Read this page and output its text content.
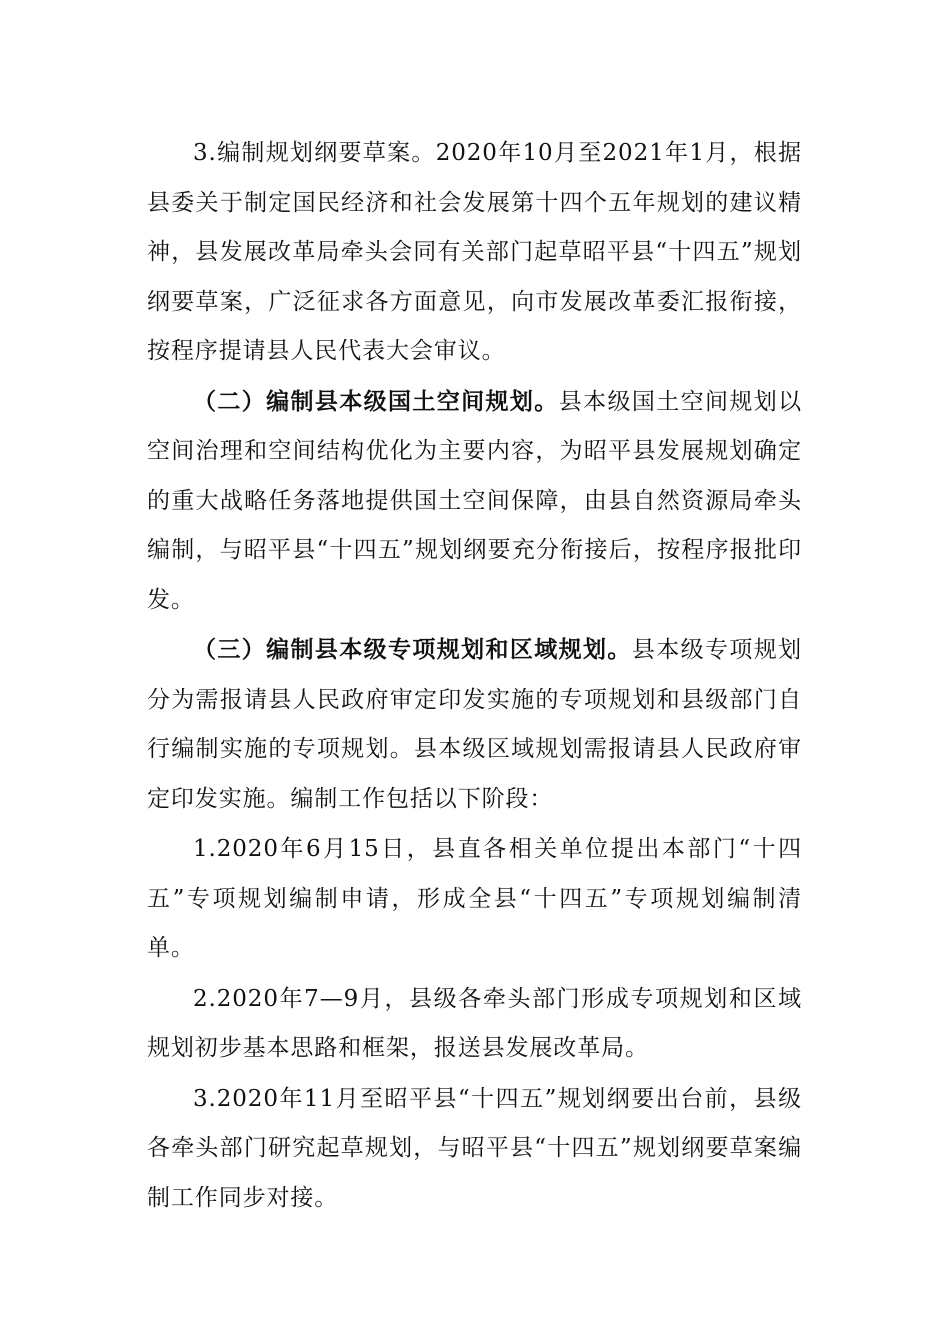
3.编制规划纲要草案。2020年10月至2021年1月，根据县委关于制定国民经济和社会发展第十四个五年规划的建议精神，县发展改革局牵头会同有关部门起草昭平县“十四五”规划纲要草案，广泛征求各方面意见，向市发展改革委汇报衔接，按程序提请县人民代表大会审议。

（二）编制县本级国土空间规划。县本级国土空间规划以空间治理和空间结构优化为主要内容，为昭平县发展规划确定的重大战略任务落地提供国土空间保障，由县自然资源局牵头编制，与昭平县“十四五”规划纲要充分衔接后，按程序报批印发。

（三）编制县本级专项规划和区域规划。县本级专项规划分为需报请县人民政府审定印发实施的专项规划和县级部门自行编制实施的专项规划。县本级区域规划需报请县人民政府审定印发实施。编制工作包括以下阶段：

1.2020年6月15日，县直各相关单位提出本部门“十四五”专项规划编制申请，形成全县“十四五”专项规划编制清单。

2.2020年7—9月，县级各牵头部门形成专项规划和区域规划初步基本思路和框架，报送县发展改革局。

3.2020年11月至昭平县“十四五”规划纲要出台前，县级各牵头部门研究起草规划，与昭平县“十四五”规划纲要草案编制工作同步对接。
